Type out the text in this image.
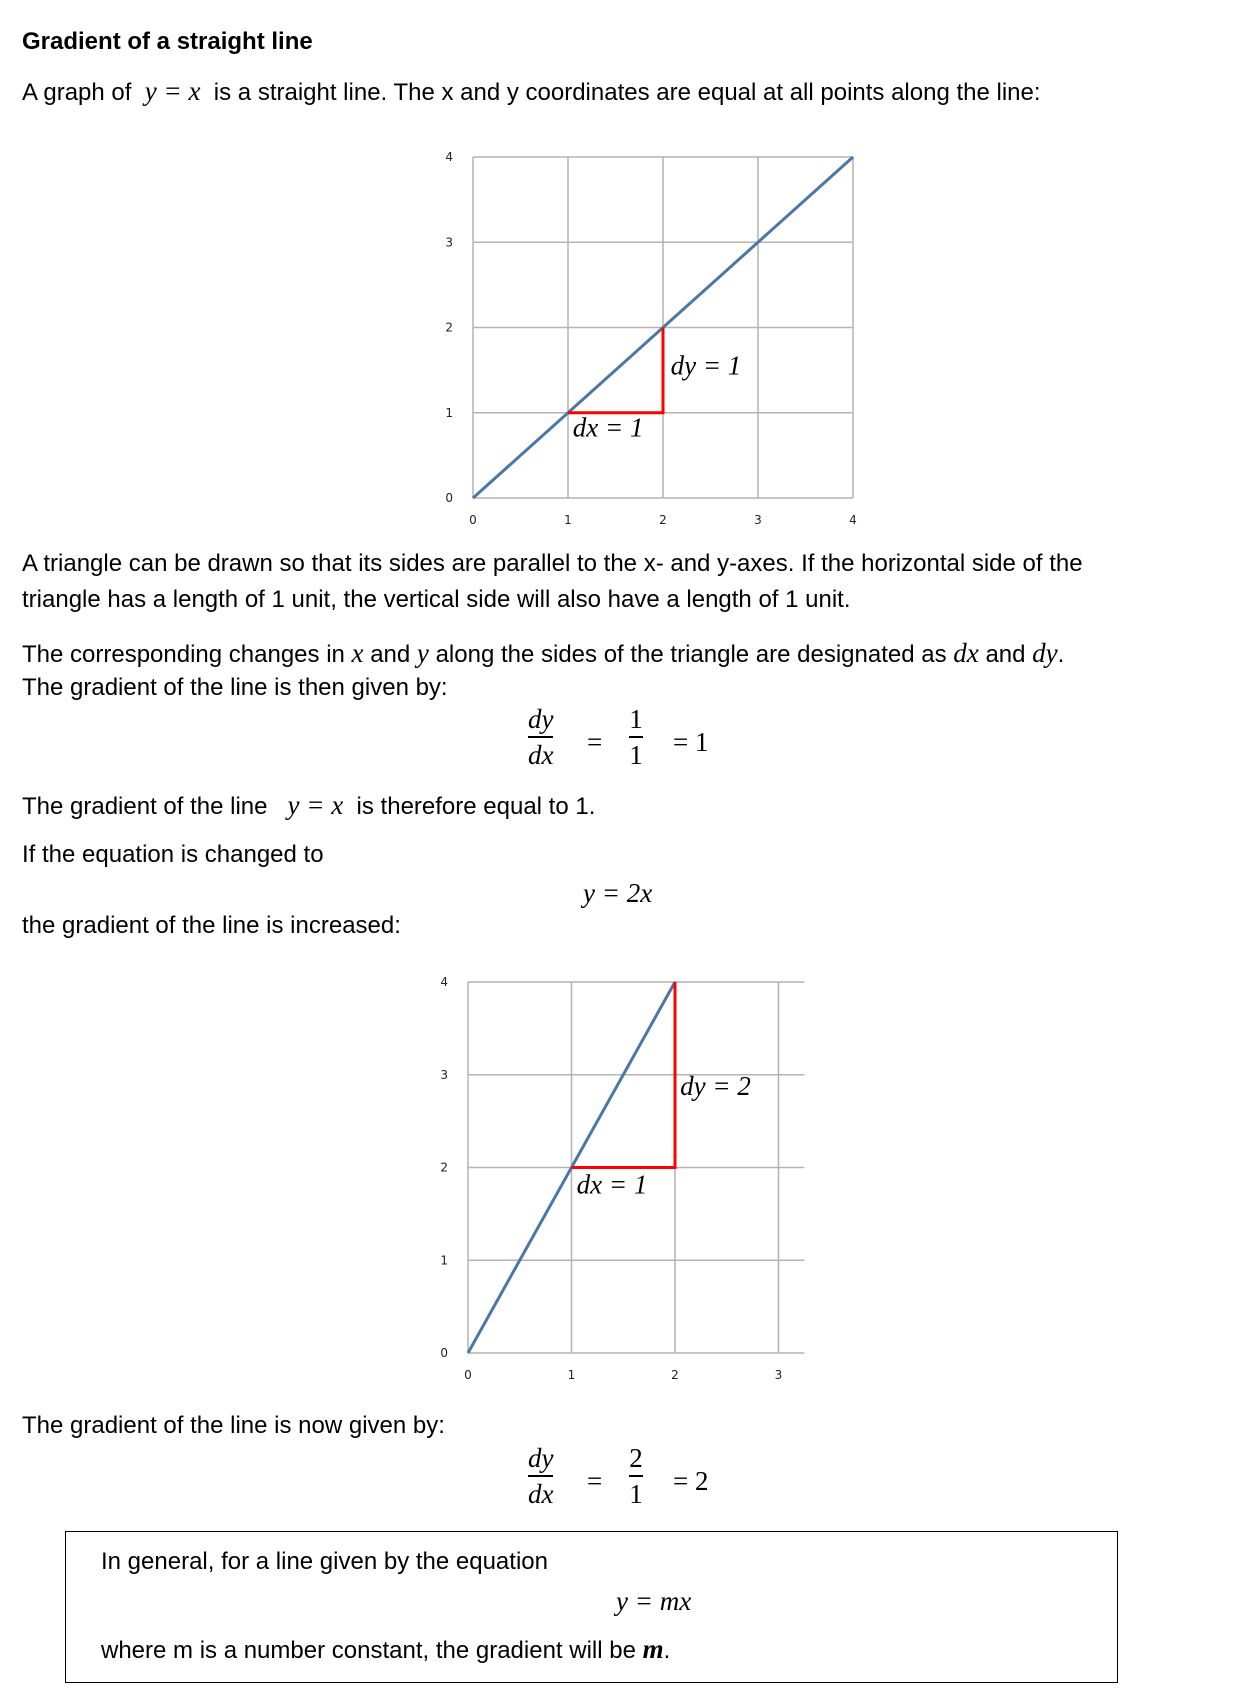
Gradient of a straight line
A graph of y = x is a straight line. The x and y coordinates are equal at all points along the line:
0
1
2
3
4
0	1	2	3	4
dx = 1
dy = 1
A triangle can be drawn so that its sides are parallel to the x- and y-axes. If the horizontal side of the
triangle has a length of 1 unit, the vertical side will also have a length of 1 unit.
The corresponding changes in x and y along the sides of the triangle are designated as dx and dy.
The gradient of the line is then given by:
dy
dx =
1
1 = 1
The gradient of the line y = x is therefore equal to 1.
If the equation is changed to
y = 2x
the gradient of the line is increased:
0
1
2
3
4
0	1	2	3
dx = 1
dy = 2
The gradient of the line is now given by:
dy
dx =
2
1 = 2
In general, for a line given by the equation
y = mx
where m is a number constant, the gradient will be m.
